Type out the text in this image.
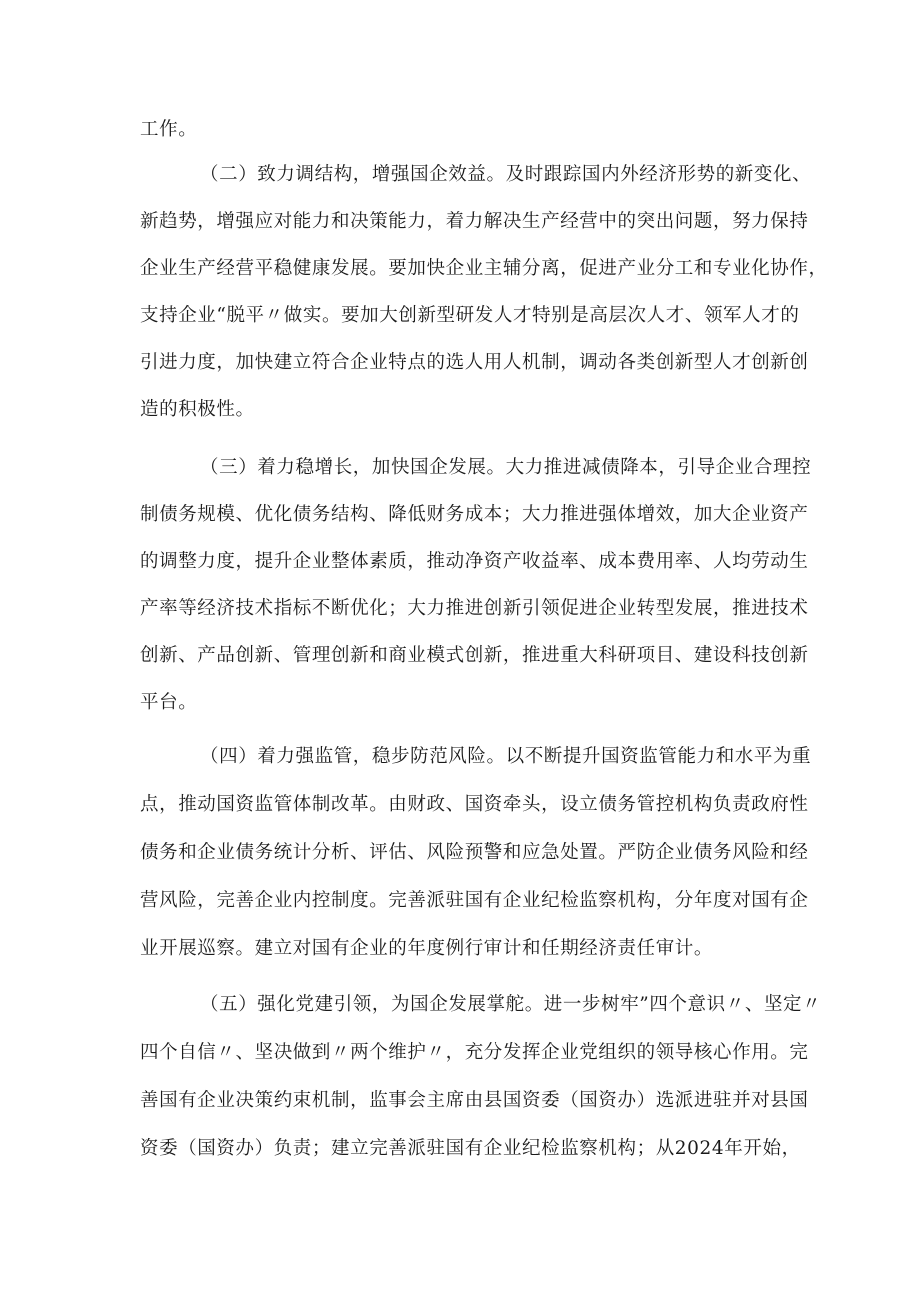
工作。
（二）致力调结构，增强国企效益。及时跟踪国内外经济形势的新变化、
新趋势，增强应对能力和决策能力，着力解决生产经营中的突出问题，努力保持
企业生产经营平稳健康发展。要加快企业主辅分离，促进产业分工和专业化协作，
支持企业“脱平〃做实。要加大创新型研发人才特别是高层次人才、领军人才的
引进力度，加快建立符合企业特点的选人用人机制，调动各类创新型人才创新创
造的积极性。
（三）着力稳增长，加快国企发展。大力推进减债降本，引导企业合理控
制债务规模、优化债务结构、降低财务成本；大力推进强体增效，加大企业资产
的调整力度，提升企业整体素质，推动净资产收益率、成本费用率、人均劳动生
产率等经济技术指标不断优化；大力推进创新引领促进企业转型发展，推进技术
创新、产品创新、管理创新和商业模式创新，推进重大科研项目、建设科技创新
平台。
（四）着力强监管，稳步防范风险。以不断提升国资监管能力和水平为重
点，推动国资监管体制改革。由财政、国资牵头，设立债务管控机构负责政府性
债务和企业债务统计分析、评估、风险预警和应急处置。严防企业债务风险和经
营风险，完善企业内控制度。完善派驻国有企业纪检监察机构，分年度对国有企
业开展巡察。建立对国有企业的年度例行审计和任期经济责任审计。
（五）强化党建引领，为国企发展掌舵。进一步树牢”四个意识〃、坚定〃
四个自信〃、坚决做到〃两个维护〃，充分发挥企业党组织的领导核心作用。完
善国有企业决策约束机制，监事会主席由县国资委（国资办）选派进驻并对县国
资委（国资办）负责；建立完善派驻国有企业纪检监察机构；从2024年开始，
